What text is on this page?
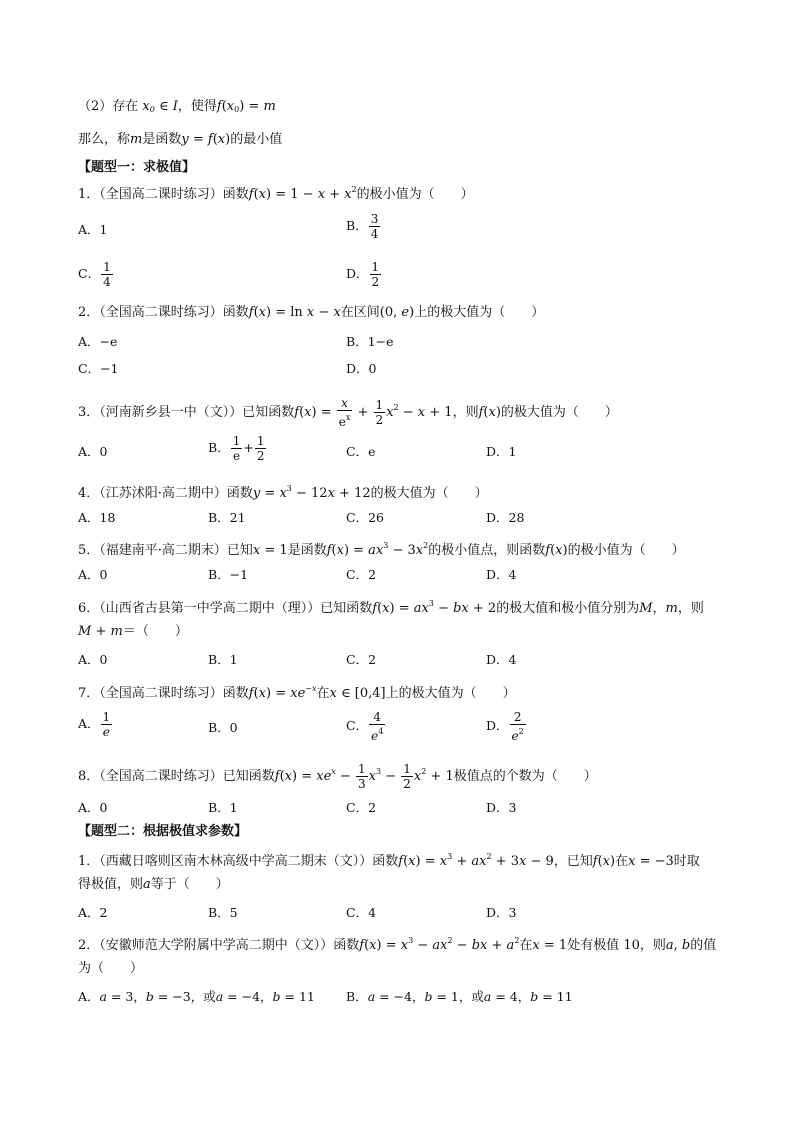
（2）存在 $x_0$ ∈ I，使得$f(x_0) = m$
那么，称m是函数y = f(x)的最小值
【题型一：求极值】
1．（全国高二课时练习）函数$f(x) = 1 - x + x^2$的极小值为（　　）
A．1	B． $\frac{3}{4}$
C． $\frac{1}{4}$	D． $\frac{1}{2}$
2．（全国高二课时练习）函数f(x) = ln x − x在区间(0, e)上的极大值为（　　）
A．−e	B．1−e
C．−1	D．0
3．（河南新乡县一中（文））已知函数$f(x) = \frac{x}{e^x} + \frac{1}{2} x^2 - x + 1$，则f(x)的极大值为（　　）
A．0	B． $\frac{1}{e} + \frac{1}{2}$	C．e	D．1
4．（江苏沭阳·高二期中）函数$y = x^3 - 12x + 12$的极大值为（　　）
A．18	B．21	C．26	D．28
5．（福建南平·高二期末）已知x = 1是函数$f(x) = ax^3 - 3x^2$的极小值点，则函数f(x)的极小值为（　　）
A．0	B．−1	C．2	D．4
6．（山西省古县第一中学高二期中（理））已知函数$f(x) = ax^3$ − bx + 2的极大值和极小值分别为M，m，则
M + m＝（　　）
A．0	B．1	C．2	D．4
7．（全国高二课时练习）函数$f(x) = xe^{-x}$在x ∈ [0,4]上的极大值为（　　）
A． $\frac{1}{e}$	B．0	C． $\frac{4}{e^4}$	D． $\frac{2}{e^2}$
8．（全国高二课时练习）已知函数$f(x) = xe^x - \frac{1}{3} x^3 - \frac{1}{2} x^2 + 1$极值点的个数为（　　）
A．0	B．1	C．2	D．3
【题型二：根据极值求参数】
1．（西藏日喀则区南木林高级中学高二期末（文））函数$f(x) = x^3 + ax^2 + 3x - 9$，已知f(x)在x = −3时取
得极值，则a等于（　　）
A．2	B．5	C．4	D．3
2．（安徽师范大学附属中学高二期中（文））函数$f(x) = x^3 - ax^2$ − bx + $a^2$在x = 1处有极值 10，则a, b的值
为（　　）
A．a = 3，b = −3，或a = −4，b = 11 B．a = −4，b = 1，或a = 4，b = 11
